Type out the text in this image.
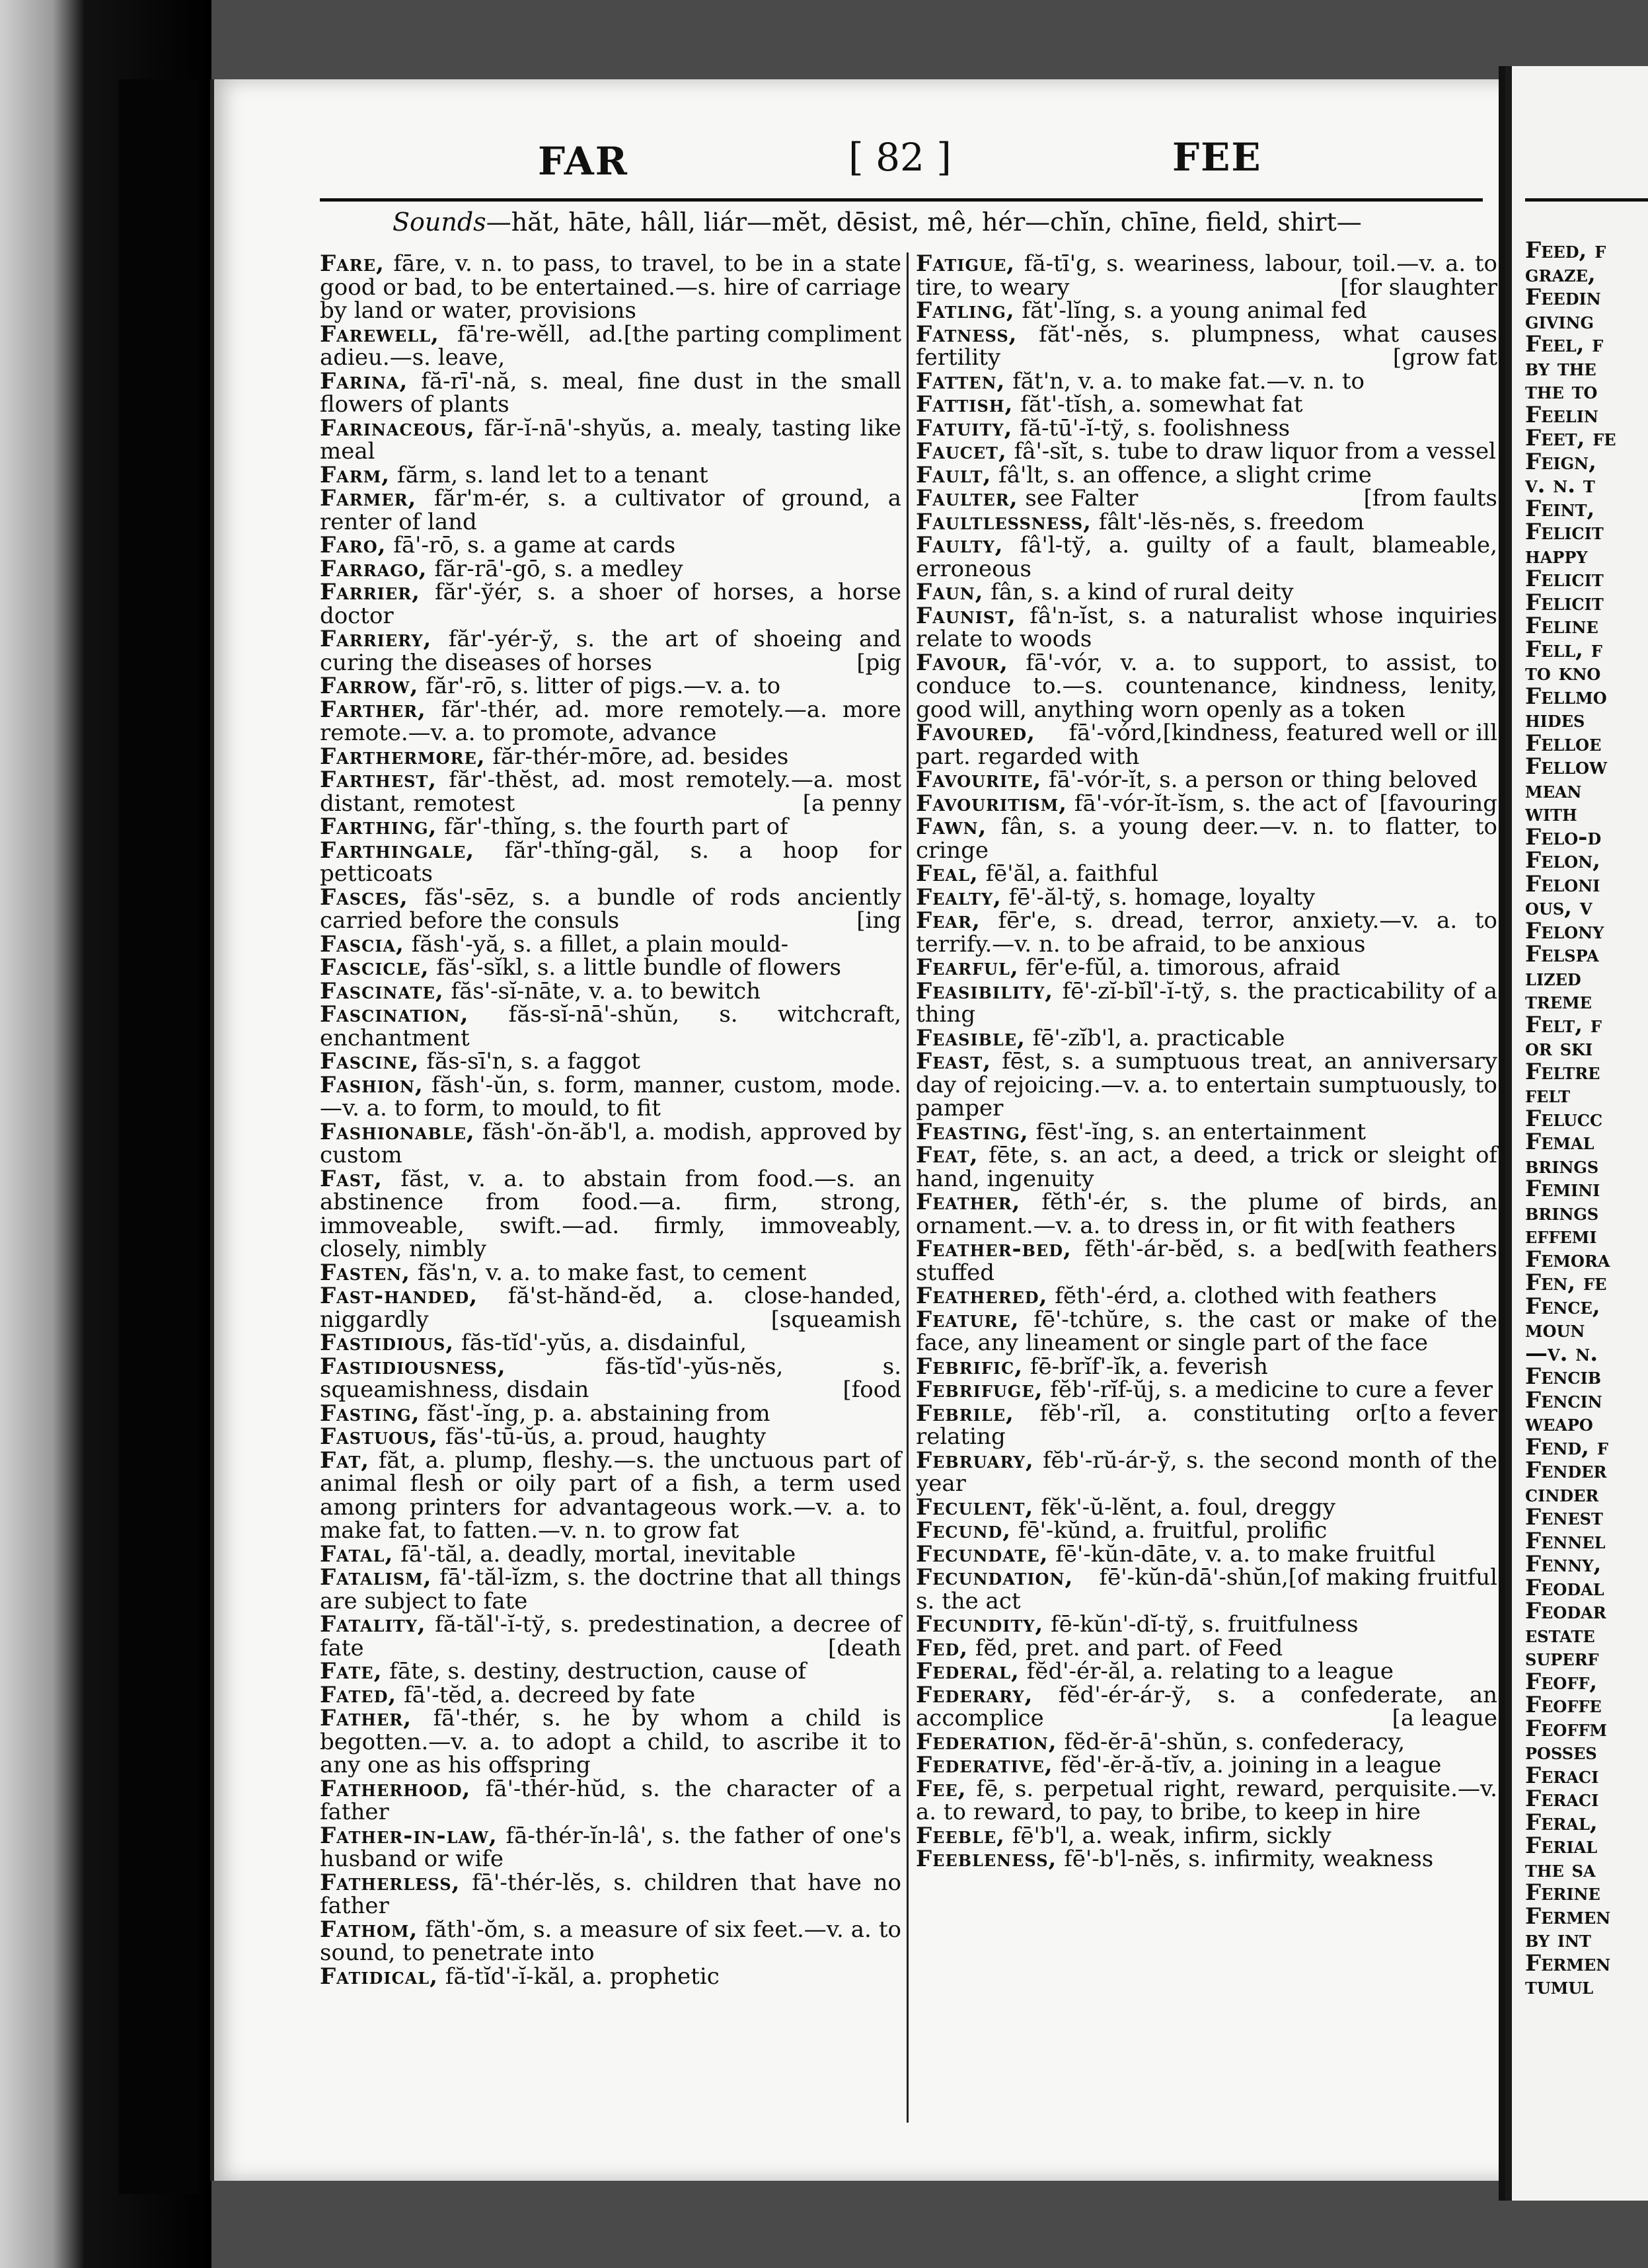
FAR	[ 82 ]	FEE
Sounds—hăt, hāte, hâll, liár—mĕt, dēsist, mê, hér—chĭn, chīne, field, shirt—

Fare, fāre, v. n. to pass, to travel, to be in a state good or bad, to be entertained.—s. hire of carriage by land or water, provisions
[the parting compliment

Farewell, fā're-wĕll, ad. adieu.—s. leave,

Farina, fă-rī'-nă, s. meal, fine dust in the small flowers of plants

Farinaceous, făr-ĭ-nā'-shyŭs, a. mealy, tasting like meal

Farm, fărm, s. land let to a tenant

Farmer, făr'm-ér, s. a cultivator of ground, a renter of land

Faro, fā'-rō, s. a game at cards

Farrago, făr-rā'-gō, s. a medley

Farrier, făr'-ўér, s. a shoer of horses, a horse doctor

Farriery, făr'-yér-ў, s. the art of shoeing and curing the diseases of horses	[pig

Farrow, făr'-rō, s. litter of pigs.—v. a. to

Farther, făr'-thér, ad. more remotely.—a. more remote.—v. a. to promote, advance

Farthermore, făr-thér-mōre, ad. besides

Farthest, făr'-thĕst, ad. most remotely.—a. most distant, remotest	[a penny

Farthing, făr'-thĭng, s. the fourth part of

Farthingale, făr'-thĭng-găl, s. a hoop for petticoats

Fasces, făs'-sēz, s. a bundle of rods anciently carried before the consuls	[ing

Fascia, făsh'-yă, s. a fillet, a plain mould-

Fascicle, făs'-sĭkl, s. a little bundle of flowers

Fascinate, făs'-sĭ-nāte, v. a. to bewitch

Fascination, făs-sĭ-nā'-shŭn, s. witchcraft, enchantment

Fascine, făs-sī'n, s. a faggot

Fashion, făsh'-ŭn, s. form, manner, custom, mode.—v. a. to form, to mould, to fit

Fashionable, făsh'-ŏn-ăb'l, a. modish, approved by custom

Fast, făst, v. a. to abstain from food.—s. an abstinence from food.—a. firm, strong, immoveable, swift.—ad. firmly, immoveably, closely, nimbly

Fasten, făs'n, v. a. to make fast, to cement

Fast-handed, fă'st-hănd-ĕd, a. close-handed, niggardly	[squeamish

Fastidious, făs-tĭd'-yŭs, a. disdainful,

Fastidiousness,	făs-tĭd'-yŭs-nĕs, s. squeamishness, disdain	[food

Fasting, făst'-ĭng, p. a. abstaining from

Fastuous, făs'-tū-ŭs, a. proud, haughty

Fat, făt, a. plump, fleshy.—s. the unctuous part of animal flesh or oily part of a fish, a term used among printers for advantageous work.—v. a. to make fat, to fatten.—v. n. to grow fat

Fatal, fā'-tăl, a. deadly, mortal, inevitable

Fatalism, fā'-tăl-ĭzm, s. the doctrine that all things are subject to fate

Fatality, fă-tăl'-ĭ-tў, s. predestination, a decree of fate	[death

Fate, fāte, s. destiny, destruction, cause of

Fated, fā'-tĕd, a. decreed by fate

Father, fā'-thér, s. he by whom a child is begotten.—v. a. to adopt a child, to ascribe it to any one as his offspring

Fatherhood, fā'-thér-hŭd, s. the character of a father

Father-in-law, fā-thér-ĭn-lâ', s. the father of one's husband or wife

Fatherless, fā'-thér-lĕs, s. children that have no father

Fathom, făth'-ŏm, s. a measure of six feet.—v. a. to sound, to penetrate into

Fatidical, fă-tĭd'-ĭ-kăl, a. prophetic

Fatigue, fă-tī'g, s. weariness, labour, toil.—v. a. to tire, to weary	[for slaughter

Fatling, făt'-lĭng, s. a young animal fed

Fatness, făt'-nĕs, s. plumpness, what causes fertility	[grow fat

Fatten, făt'n, v. a. to make fat.—v. n. to

Fattish, făt'-tĭsh, a. somewhat fat

Fatuity, fă-tū'-ĭ-tў, s. foolishness

Faucet, fâ'-sĭt, s. tube to draw liquor from a vessel

Fault, fâ'lt, s. an offence, a slight crime

Faulter, see Falter	[from faults

Faultlessness, fâlt'-lĕs-nĕs, s. freedom

Faulty, fâ'l-tў, a. guilty of a fault, blameable, erroneous

Faun, fân, s. a kind of rural deity

Faunist, fâ'n-ĭst, s. a naturalist whose inquiries relate to woods

Favour, fā'-vór, v. a. to support, to assist, to conduce to.—s. countenance, kindness, lenity, good will, anything worn openly as a token
[kindness, featured well or ill

Favoured, fā'-vórd, part. regarded with

Favourite, fā'-vór-ĭt, s. a person or thing beloved
[favouring

Favouritism, fā'-vór-ĭt-ĭsm, s. the act of

Fawn, fân, s. a young deer.—v. n. to flatter, to cringe

Feal, fē'ăl, a. faithful

Fealty, fē'-ăl-tў, s. homage, loyalty

Fear, fēr'e, s. dread, terror, anxiety.—v. a. to terrify.—v. n. to be afraid, to be anxious

Fearful, fēr'e-fŭl, a. timorous, afraid

Feasibility, fē'-zĭ-bĭl'-ĭ-tў, s. the practicability of a thing

Feasible, fē'-zĭb'l, a. practicable

Feast, fēst, s. a sumptuous treat, an anniversary day of rejoicing.—v. a. to entertain sumptuously, to pamper

Feasting, fēst'-ĭng, s. an entertainment

Feat, fēte, s. an act, a deed, a trick or sleight of hand, ingenuity

Feather, fĕth'-ér, s. the plume of birds, an ornament.—v. a. to dress in, or fit with feathers
[with feathers

Feather-bed, fĕth'-ár-bĕd, s. a bed stuffed

Feathered, fĕth'-érd, a. clothed with feathers

Feature, fē'-tchŭre, s. the cast or make of the face, any lineament or single part of the face

Febrific, fē-brĭf'-ĭk, a. feverish

Febrifuge, fĕb'-rĭf-ŭj, s. a medicine to cure a fever
[to a fever

Febrile, fĕb'-rĭl, a. constituting or relating

February, fĕb'-rŭ-ár-ў, s. the second month of the year

Feculent, fĕk'-ŭ-lĕnt, a. foul, dreggy

Fecund, fē'-kŭnd, a. fruitful, prolific

Fecundate, fē'-kŭn-dāte, v. a. to make fruitful
[of making fruitful

Fecundation, fē'-kŭn-dā'-shŭn, s. the act

Fecundity, fē-kŭn'-dĭ-tў, s. fruitfulness

Fed, fĕd, pret. and part. of Feed

Federal, fĕd'-ér-ăl, a. relating to a league

Federary, fĕd'-ér-ár-ў, s. a confederate, an accomplice	[a league

Federation, fĕd-ĕr-ā'-shŭn, s. confederacy,

Federative, fĕd'-ĕr-ă-tĭv, a. joining in a league

Fee, fē, s. perpetual right, reward, perquisite.—v. a. to reward, to pay, to bribe, to keep in hire

Feeble, fē'b'l, a. weak, infirm, sickly

Feebleness, fē'-b'l-nĕs, s. infirmity, weakness

Feed, f
graze,
Feedin
giving
Feel, f
by the
the to
Feelin
Feet, fe
Feign,
v. n. t
Feint,
Felicit
happy
Felicit
Felicit
Feline
Fell, f
to kno
Fellmo
hides
Felloe
Fellow
mean
with
Felo-d
Felon,
Feloni
ous, v
Felony
Felspa
lized
treme
Felt, f
or ski
Feltre
felt
Felucc
Femal
brings
Femini
brings
effemi
Femora
Fen, fe
Fence,
moun
—v. n.
Fencib
Fencin
weapo
Fend, f
Fender
cinder
Fenest
Fennel
Fenny,
Feodal
Feodar
estate
superf
Feoff,
Feoffe
Feoffm
posses
Feraci
Feraci
Feral,
Ferial
the sa
Ferine
Fermen
by int
Fermen
tumul
